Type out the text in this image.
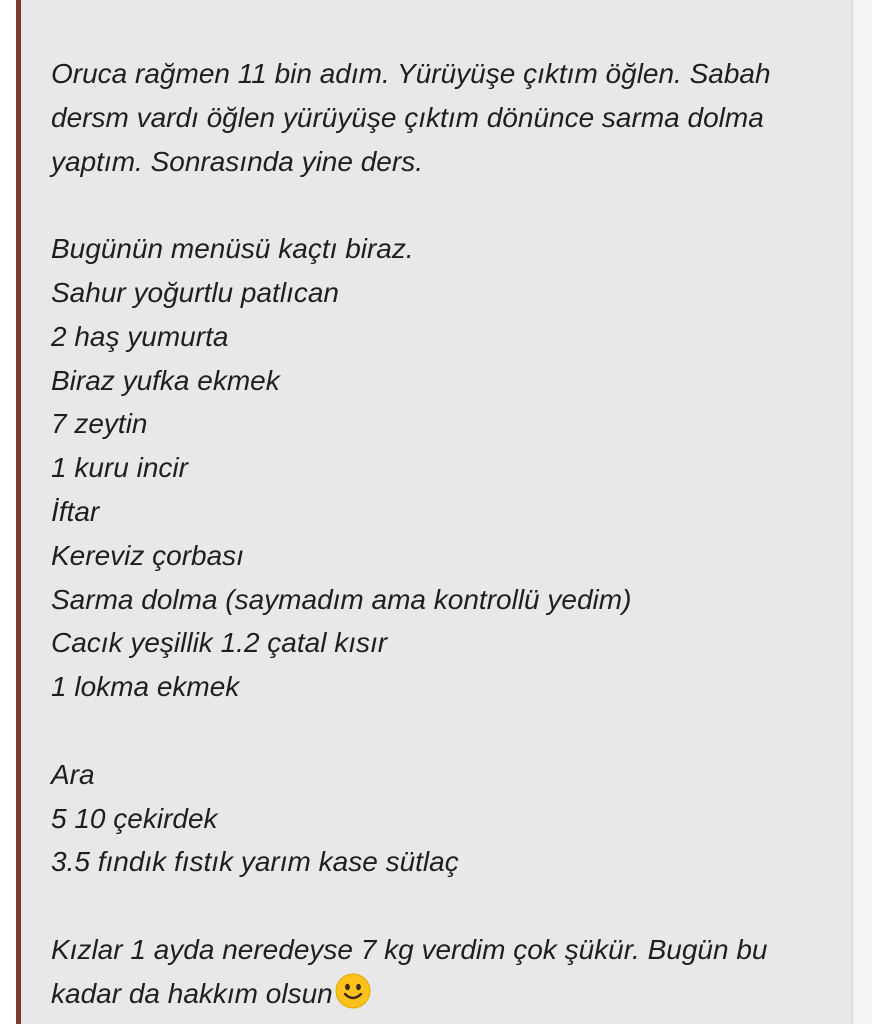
Oruca rağmen 11 bin adım. Yürüyüşe çıktım öğlen. Sabah
dersm vardı öğlen yürüyüşe çıktım dönünce sarma dolma
yaptım. Sonrasında yine ders.
Bugünün menüsü kaçtı biraz.
Sahur yoğurtlu patlıcan
2 haş yumurta
Biraz yufka ekmek
7 zeytin
1 kuru incir
İftar
Kereviz çorbası
Sarma dolma (saymadım ama kontrollü yedim)
Cacık yeşillik 1.2 çatal kısır
1 lokma ekmek
Ara
5 10 çekirdek
3.5 fındık fıstık yarım kase sütlaç
Kızlar 1 ayda neredeyse 7 kg verdim çok şükür. Bugün bu
kadar da hakkım olsun
